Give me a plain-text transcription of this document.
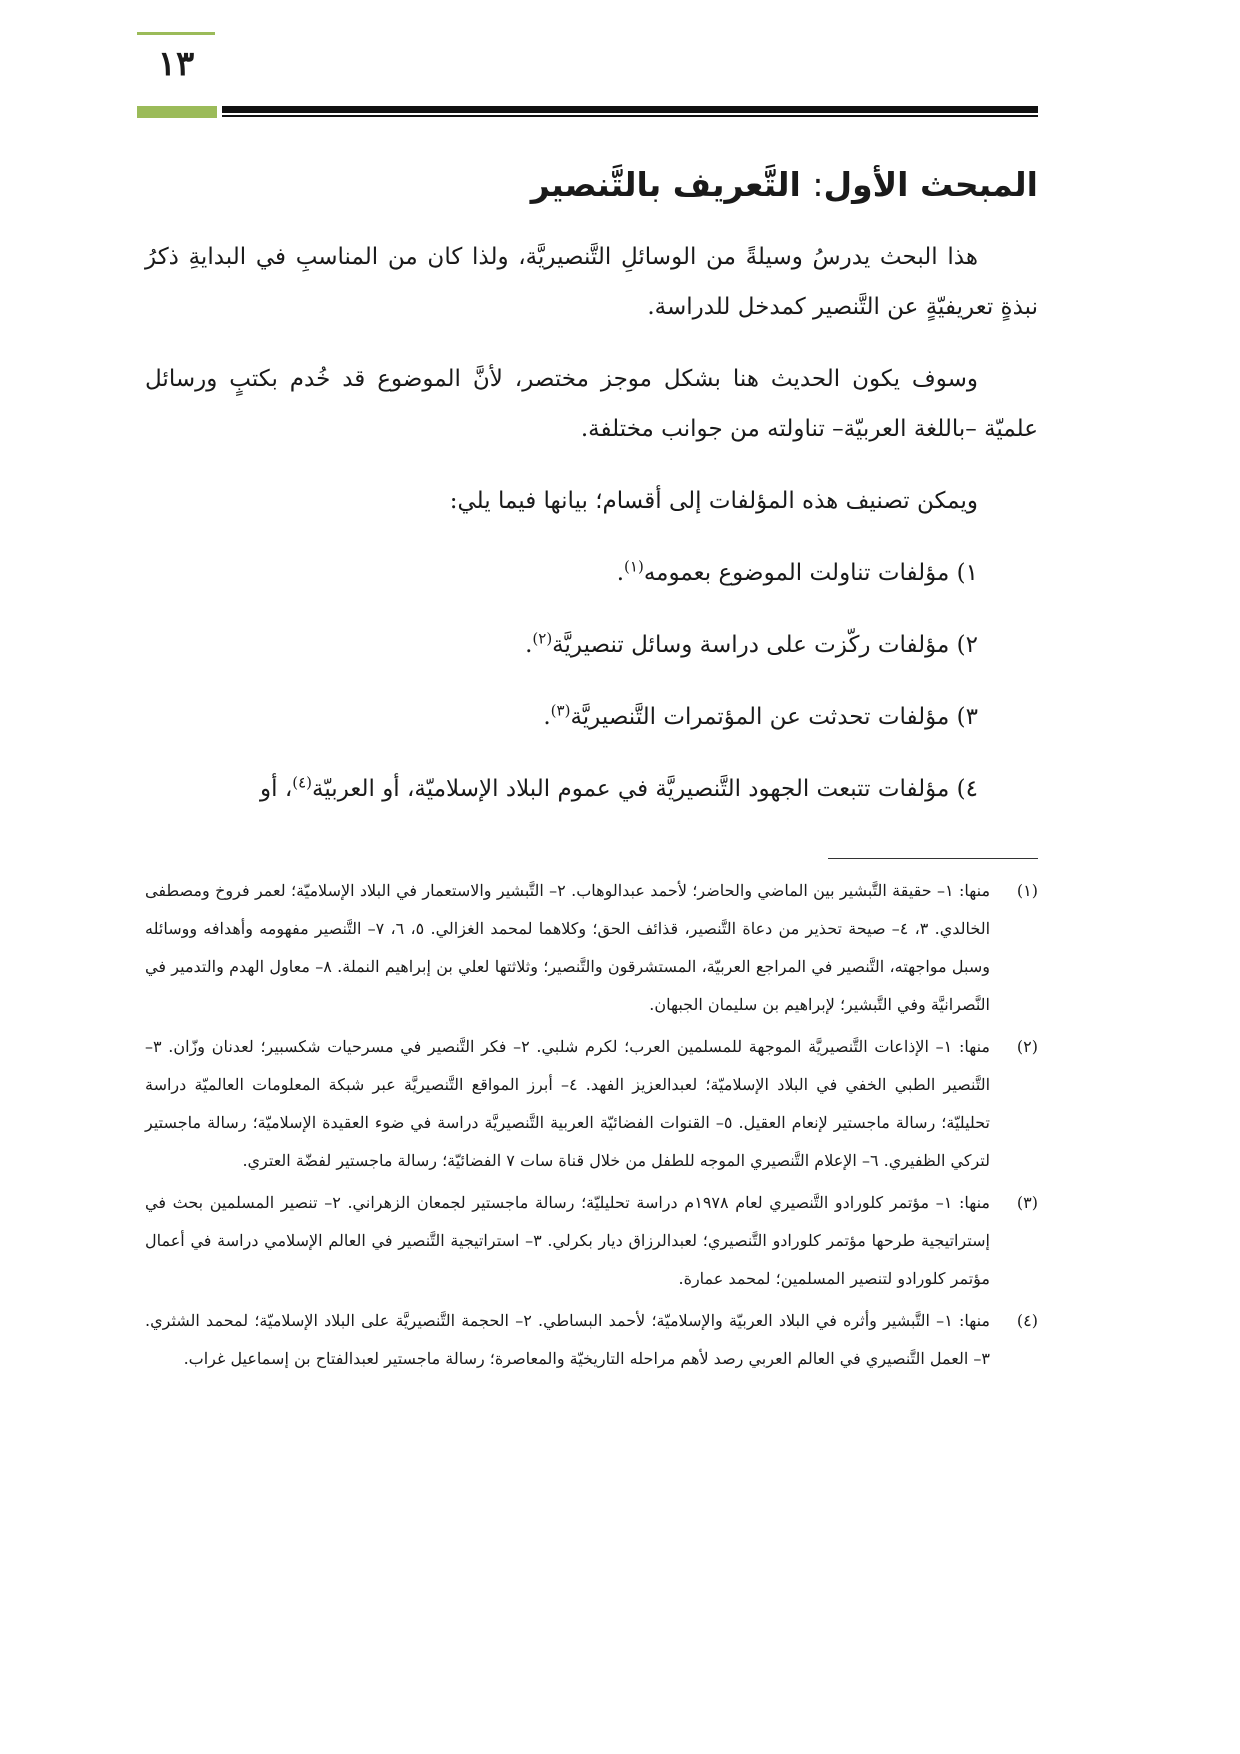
١٣
المبحث الأول: التَّعريف بالتَّنصير

هذا البحث يدرسُ وسيلةً من الوسائلِ التَّنصيريَّة، ولذا كان من المناسبِ في البدايةِ ذكرُ نبذةٍ تعريفيّةٍ عن التَّنصير كمدخل للدراسة.

وسوف يكون الحديث هنا بشكل موجز مختصر، لأنَّ الموضوع قد خُدم بكتبٍ ورسائل علميّة –باللغة العربيّة– تناولته من جوانب مختلفة.

ويمكن تصنيف هذه المؤلفات إلى أقسام؛ بيانها فيما يلي:

١) مؤلفات تناولت الموضوع بعمومه$^{(١)}$.
٢) مؤلفات ركّزت على دراسة وسائل تنصيريَّة$^{(٢)}$.
٣) مؤلفات تحدثت عن المؤتمرات التَّنصيريَّة$^{(٣)}$.
٤) مؤلفات تتبعت الجهود التَّنصيريَّة في عموم البلاد الإسلاميّة، أو العربيّة$^{(٤)}$، أو
(١)
منها: ١– حقيقة التَّبشير بين الماضي والحاضر؛ لأحمد عبدالوهاب. ٢– التَّبشير والاستعمار في البلاد الإسلاميّة؛ لعمر فروخ ومصطفى الخالدي. ٣، ٤– صيحة تحذير من دعاة التَّنصير، قذائف الحق؛ وكلاهما لمحمد الغزالي. ٥، ٦، ٧– التَّنصير مفهومه وأهدافه ووسائله وسبل مواجهته، التَّنصير في المراجع العربيّة، المستشرقون والتَّنصير؛ وثلاثتها لعلي بن إبراهيم النملة. ٨– معاول الهدم والتدمير في النَّصرانيَّة وفي التَّبشير؛ لإبراهيم بن سليمان الجبهان.
(٢)
منها: ١– الإذاعات التَّنصيريَّة الموجهة للمسلمين العرب؛ لكرم شلبي. ٢– فكر التَّنصير في مسرحيات شكسبير؛ لعدنان وزّان. ٣– التَّنصير الطبي الخفي في البلاد الإسلاميّة؛ لعبدالعزيز الفهد. ٤– أبرز المواقع التَّنصيريَّة عبر شبكة المعلومات العالميّة دراسة تحليليّة؛ رسالة ماجستير لإنعام العقيل. ٥– القنوات الفضائيّة العربية التَّنصيريَّة دراسة في ضوء العقيدة الإسلاميّة؛ رسالة ماجستير لتركي الظفيري. ٦– الإعلام التَّنصيري الموجه للطفل من خلال قناة سات ٧ الفضائيّة؛ رسالة ماجستير لفضّة العتري.
(٣)
منها: ١– مؤتمر كلورادو التَّنصيري لعام ١٩٧٨م دراسة تحليليّة؛ رسالة ماجستير لجمعان الزهراني. ٢– تنصير المسلمين بحث في إستراتيجية طرحها مؤتمر كلورادو التَّنصيري؛ لعبدالرزاق ديار بكرلي. ٣– استراتيجية التَّنصير في العالم الإسلامي دراسة في أعمال مؤتمر كلورادو لتنصير المسلمين؛ لمحمد عمارة.
(٤)
منها: ١– التَّبشير وأثره في البلاد العربيّة والإسلاميّة؛ لأحمد البساطي. ٢– الحجمة التَّنصيريَّة على البلاد الإسلاميّة؛ لمحمد الشثري. ٣– العمل التَّنصيري في العالم العربي رصد لأهم مراحله التاريخيّة والمعاصرة؛ رسالة ماجستير لعبدالفتاح بن إسماعيل غراب.
